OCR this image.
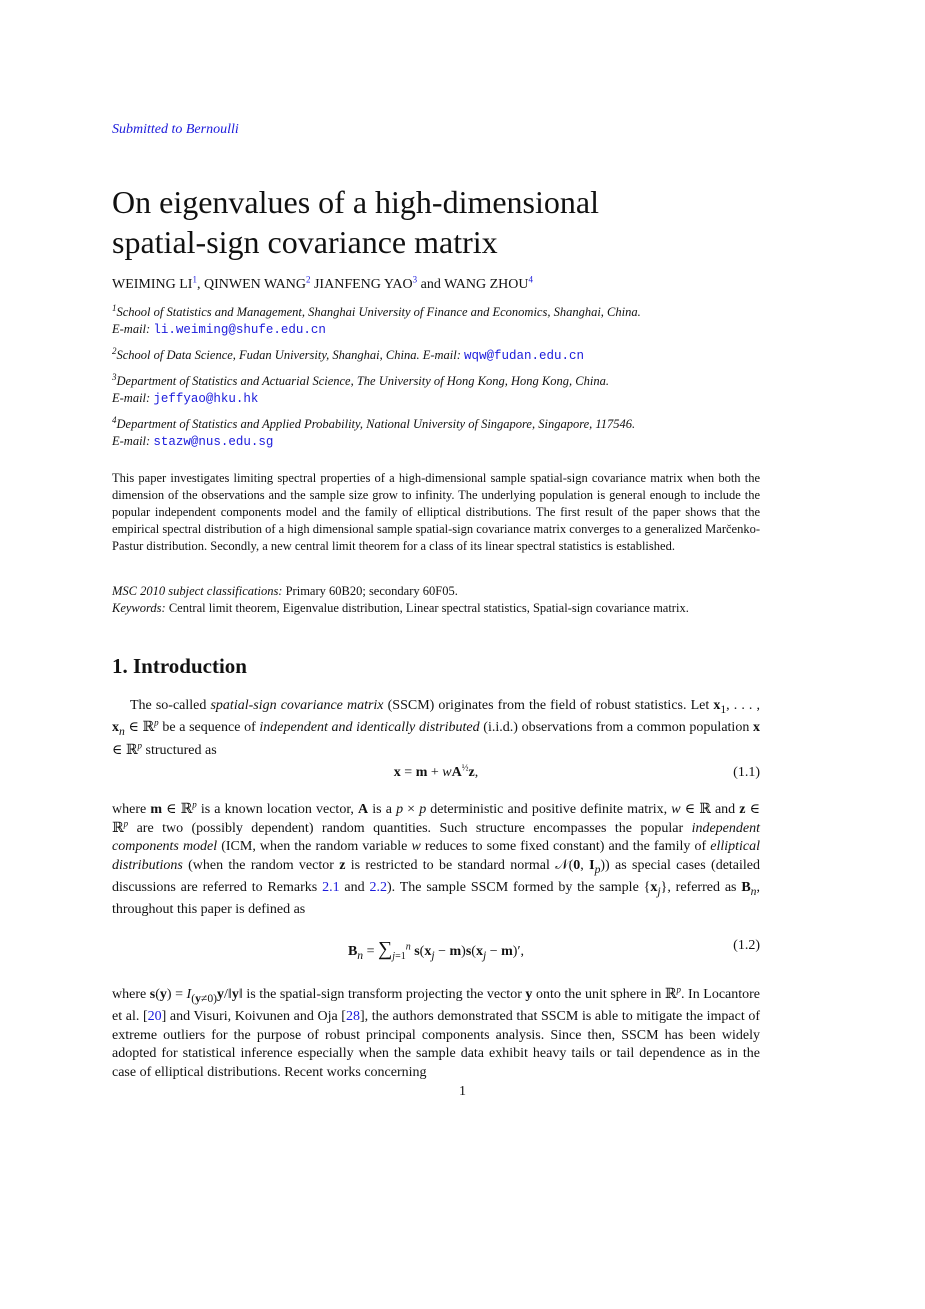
Submitted to Bernoulli
On eigenvalues of a high-dimensional
spatial-sign covariance matrix
WEIMING $LI^1$, QINWEN WANG$^2$ JIANFENG YAO$^3$ and WANG ZHOU$^4$
$^1$School of Statistics and Management, Shanghai University of Finance and Economics, Shanghai, China.
E-mail: li.weiming@shufe.edu.cn
$^2$School of Data Science, Fudan University, Shanghai, China. E-mail: wqw@fudan.edu.cn
$^3$Department of Statistics and Actuarial Science, The University of Hong Kong, Hong Kong, China.
E-mail: jeffyao@hku.hk
$^4$Department of Statistics and Applied Probability, National University of Singapore, Singapore, 117546.
E-mail: stazw@nus.edu.sg

This paper investigates limiting spectral properties of a high-dimensional sample spatial-sign covariance matrix when both the dimension of the observations and the sample size grow to infinity. The underlying population is general enough to include the popular independent components model and the family of elliptical distributions. The first result of the paper shows that the empirical spectral distribution of a high dimensional sample spatial-sign covariance matrix converges to a generalized Marčenko-Pastur distribution. Secondly, a new central limit theorem for a class of its linear spectral statistics is established.

MSC 2010 subject classifications: Primary 60B20; secondary 60F05.
Keywords: Central limit theorem, Eigenvalue distribution, Linear spectral statistics, Spatial-sign covariance matrix.
1. Introduction

The so-called spatial-sign covariance matrix (SSCM) originates from the field of robust statistics. Let $x_1$, . . . , $x_n$ ∈ ℝ$^p$ be a sequence of independent and identically distributed (i.i.d.) observations from a common population x ∈ ℝ$^p$ structured as

$x = m + wA^{\frac{1}{2}}z$,	(1.1)

where m ∈ ℝ$^p$ is a known location vector, A is a p × p deterministic and positive definite matrix, w ∈ ℝ and z ∈ ℝ$^p$ are two (possibly dependent) random quantities. Such structure encompasses the popular independent components model (ICM, when the random variable w reduces to some fixed constant) and the family of elliptical distributions (when the random vector z is restricted to be standard normal 𝒩(0, $I_p$)) as special cases (detailed discussions are referred to Remarks 2.1 and 2.2). The sample SSCM formed by the sample $\{x_j\}$, referred as $B_n$, throughout this paper is defined as

$B_n = \sum_{j=1}^n$ $s(x_j - m)s(x_j - m)'$,	(1.2)

where $s(y) = I_{(y\ne 0)}y/‖y‖$ is the spatial-sign transform projecting the vector y onto the unit sphere in ℝ$^p$. In Locantore et al. [20] and Visuri, Koivunen and Oja [28], the authors demonstrated that SSCM is able to mitigate the impact of extreme outliers for the purpose of robust principal components analysis. Since then, SSCM has been widely adopted for statistical inference especially when the sample data exhibit heavy tails or tail dependence as in the case of elliptical distributions. Recent works concerning

1
